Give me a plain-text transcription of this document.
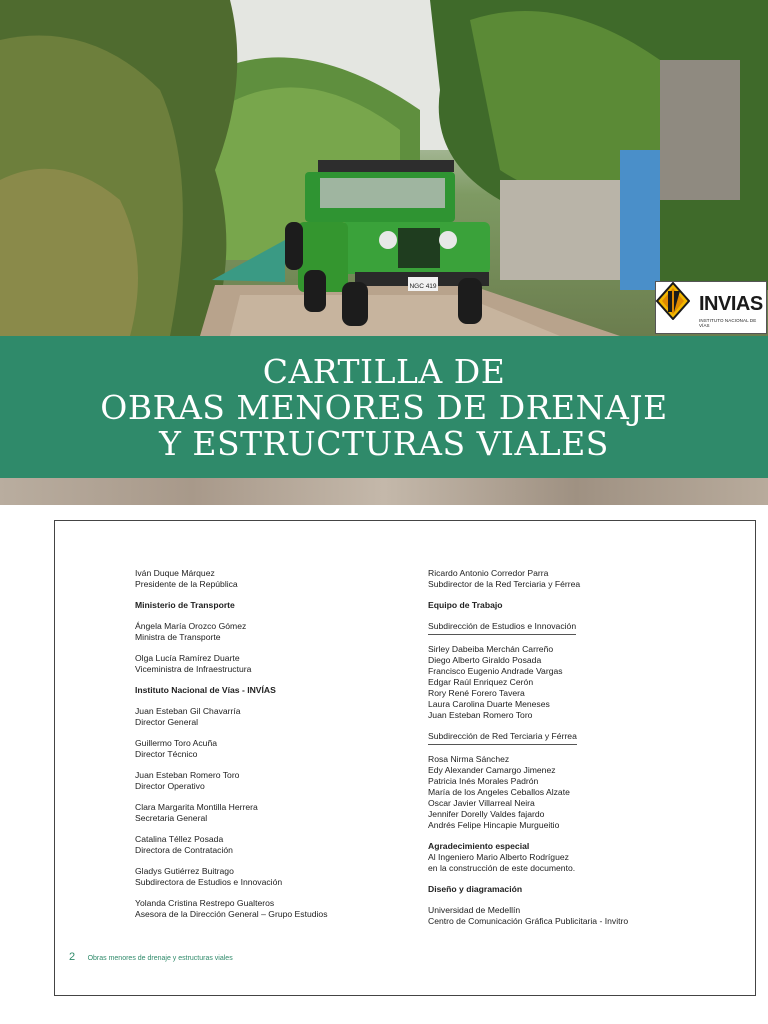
NGC 419
INVIAS
INSTITUTO NACIONAL DE VÍAS
CARTILLA DE
OBRAS MENORES DE DRENAJE
Y ESTRUCTURAS VIALES
Iván Duque Márquez
Presidente de la República
Ministerio de Transporte
Ángela María Orozco Gómez
Ministra de Transporte
Olga Lucía Ramírez Duarte
Viceministra de Infraestructura
Instituto Nacional de Vías - INVÍAS
Juan Esteban Gil Chavarría
Director General
Guillermo Toro Acuña
Director Técnico
Juan Esteban Romero Toro
Director Operativo
Clara Margarita Montilla Herrera
Secretaria General
Catalina Téllez Posada
Directora de Contratación
Gladys Gutiérrez Buitrago
Subdirectora de Estudios e Innovación
Yolanda Cristina Restrepo Gualteros
Asesora de la Dirección General – Grupo Estudios
Ricardo Antonio Corredor Parra
Subdirector de la Red Terciaria y Férrea
Equipo de Trabajo
Subdirección de Estudios e Innovación
Sirley Dabeiba Merchán Carreño
Diego Alberto Giraldo Posada
Francisco Eugenio Andrade Vargas
Edgar Raúl Enriquez Cerón
Rory René Forero Tavera
Laura Carolina Duarte Meneses
Juan Esteban Romero Toro
Subdirección de Red Terciaria y Férrea
Rosa Nirma Sánchez
Edy Alexander Camargo Jimenez
Patricia Inés Morales Padrón
María de los Angeles Ceballos Alzate
Oscar Javier Villarreal Neira
Jennifer Dorelly Valdes fajardo
Andrés Felipe Hincapie Murgueitio
Agradecimiento especial
Al Ingeniero Mario Alberto Rodríguez
en la construcción de este documento.
Diseño y diagramación
Universidad de Medellín
Centro de Comunicación Gráfica Publicitaria - Invitro
2 Obras menores de drenaje y estructuras viales
